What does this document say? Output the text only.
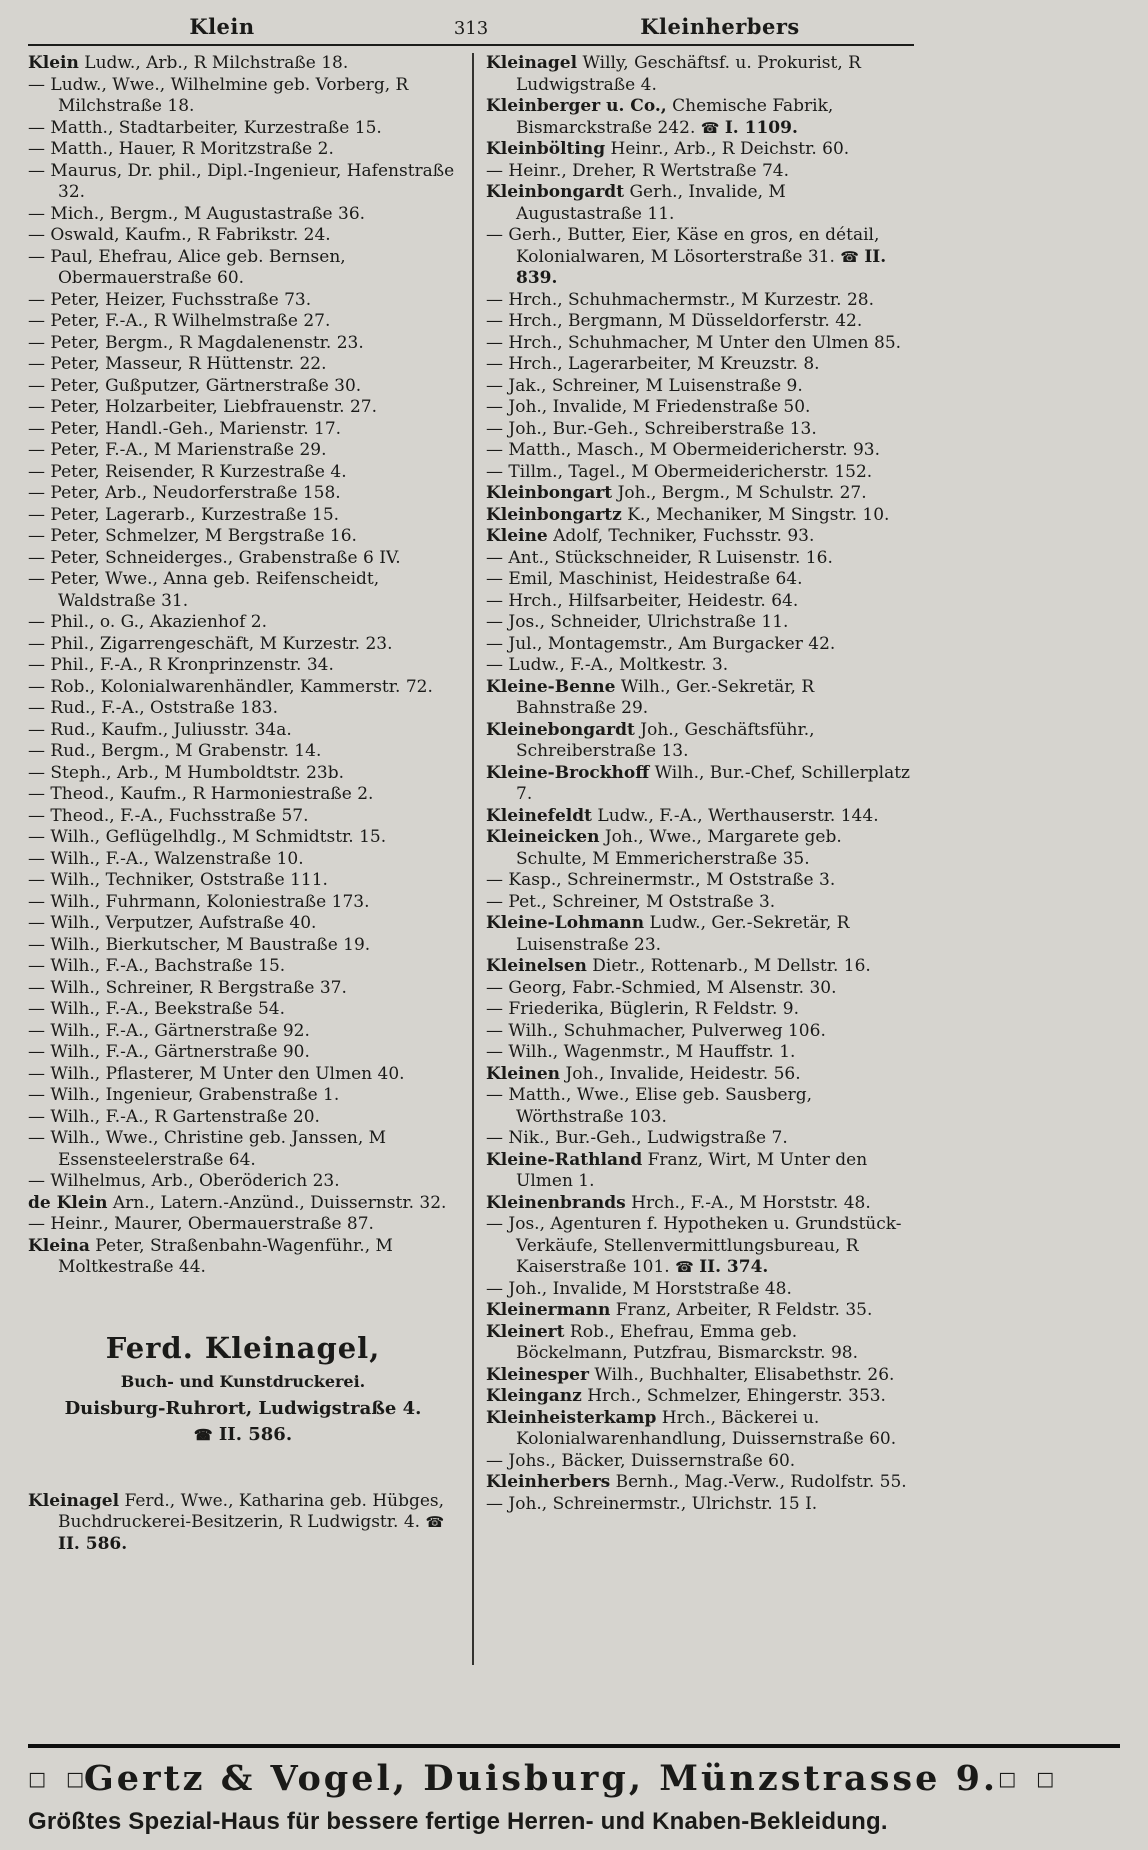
Klein	313	Kleinherbers
Klein Ludw., Arb., R Milchstraße 18.
— Ludw., Wwe., Wilhelmine geb. Vorberg, R Milchstraße 18.
— Matth., Stadtarbeiter, Kurzestraße 15.
— Matth., Hauer, R Moritzstraße 2.
— Maurus, Dr. phil., Dipl.-Ingenieur, Hafenstraße 32.
— Mich., Bergm., M Augustastraße 36.
— Oswald, Kaufm., R Fabrikstr. 24.
— Paul, Ehefrau, Alice geb. Bernsen, Obermauerstraße 60.
— Peter, Heizer, Fuchsstraße 73.
— Peter, F.-A., R Wilhelmstraße 27.
— Peter, Bergm., R Magdalenenstr. 23.
— Peter, Masseur, R Hüttenstr. 22.
— Peter, Gußputzer, Gärtnerstraße 30.
— Peter, Holzarbeiter, Liebfrauenstr. 27.
— Peter, Handl.-Geh., Marienstr. 17.
— Peter, F.-A., M Marienstraße 29.
— Peter, Reisender, R Kurzestraße 4.
— Peter, Arb., Neudorferstraße 158.
— Peter, Lagerarb., Kurzestraße 15.
— Peter, Schmelzer, M Bergstraße 16.
— Peter, Schneiderges., Grabenstraße 6 IV.
— Peter, Wwe., Anna geb. Reifenscheidt, Waldstraße 31.
— Phil., o. G., Akazienhof 2.
— Phil., Zigarrengeschäft, M Kurzestr. 23.
— Phil., F.-A., R Kronprinzenstr. 34.
— Rob., Kolonialwarenhändler, Kammerstr. 72.
— Rud., F.-A., Oststraße 183.
— Rud., Kaufm., Juliusstr. 34a.
— Rud., Bergm., M Grabenstr. 14.
— Steph., Arb., M Humboldtstr. 23b.
— Theod., Kaufm., R Harmoniestraße 2.
— Theod., F.-A., Fuchsstraße 57.
— Wilh., Geflügelhdlg., M Schmidtstr. 15.
— Wilh., F.-A., Walzenstraße 10.
— Wilh., Techniker, Oststraße 111.
— Wilh., Fuhrmann, Koloniestraße 173.
— Wilh., Verputzer, Aufstraße 40.
— Wilh., Bierkutscher, M Baustraße 19.
— Wilh., F.-A., Bachstraße 15.
— Wilh., Schreiner, R Bergstraße 37.
— Wilh., F.-A., Beekstraße 54.
— Wilh., F.-A., Gärtnerstraße 92.
— Wilh., F.-A., Gärtnerstraße 90.
— Wilh., Pflasterer, M Unter den Ulmen 40.
— Wilh., Ingenieur, Grabenstraße 1.
— Wilh., F.-A., R Gartenstraße 20.
— Wilh., Wwe., Christine geb. Janssen, M Essensteelerstraße 64.
— Wilhelmus, Arb., Oberöderich 23.
de Klein Arn., Latern.-Anzünd., Duissernstr. 32.
— Heinr., Maurer, Obermauerstraße 87.
Kleina Peter, Straßenbahn-Wagenführ., M Moltkestraße 44.
Ferd. Kleinagel,
Buch- und Kunstdruckerei.
Duisburg-Ruhrort, Ludwigstraße 4.
☎ II. 586.
Kleinagel Ferd., Wwe., Katharina geb. Hübges, Buchdruckerei-Besitzerin, R Ludwigstr. 4. ☎ II. 586.
Kleinagel Willy, Geschäftsf. u. Prokurist, R Ludwigstraße 4.
Kleinberger u. Co., Chemische Fabrik, Bismarckstraße 242. ☎ I. 1109.
Kleinbölting Heinr., Arb., R Deichstr. 60.
— Heinr., Dreher, R Wertstraße 74.
Kleinbongardt Gerh., Invalide, M Augustastraße 11.
— Gerh., Butter, Eier, Käse en gros, en détail, Kolonialwaren, M Lösorterstraße 31. ☎ II. 839.
— Hrch., Schuhmachermstr., M Kurzestr. 28.
— Hrch., Bergmann, M Düsseldorferstr. 42.
— Hrch., Schuhmacher, M Unter den Ulmen 85.
— Hrch., Lagerarbeiter, M Kreuzstr. 8.
— Jak., Schreiner, M Luisenstraße 9.
— Joh., Invalide, M Friedenstraße 50.
— Joh., Bur.-Geh., Schreiberstraße 13.
— Matth., Masch., M Obermeidericherstr. 93.
— Tillm., Tagel., M Obermeidericherstr. 152.
Kleinbongart Joh., Bergm., M Schulstr. 27.
Kleinbongartz K., Mechaniker, M Singstr. 10.
Kleine Adolf, Techniker, Fuchsstr. 93.
— Ant., Stückschneider, R Luisenstr. 16.
— Emil, Maschinist, Heidestraße 64.
— Hrch., Hilfsarbeiter, Heidestr. 64.
— Jos., Schneider, Ulrichstraße 11.
— Jul., Montagemstr., Am Burgacker 42.
— Ludw., F.-A., Moltkestr. 3.
Kleine-Benne Wilh., Ger.-Sekretär, R Bahnstraße 29.
Kleinebongardt Joh., Geschäftsführ., Schreiberstraße 13.
Kleine-Brockhoff Wilh., Bur.-Chef, Schillerplatz 7.
Kleinefeldt Ludw., F.-A., Werthauserstr. 144.
Kleineicken Joh., Wwe., Margarete geb. Schulte, M Emmericherstraße 35.
— Kasp., Schreinermstr., M Oststraße 3.
— Pet., Schreiner, M Oststraße 3.
Kleine-Lohmann Ludw., Ger.-Sekretär, R Luisenstraße 23.
Kleinelsen Dietr., Rottenarb., M Dellstr. 16.
— Georg, Fabr.-Schmied, M Alsenstr. 30.
— Friederika, Büglerin, R Feldstr. 9.
— Wilh., Schuhmacher, Pulverweg 106.
— Wilh., Wagenmstr., M Hauffstr. 1.
Kleinen Joh., Invalide, Heidestr. 56.
— Matth., Wwe., Elise geb. Sausberg, Wörthstraße 103.
— Nik., Bur.-Geh., Ludwigstraße 7.
Kleine-Rathland Franz, Wirt, M Unter den Ulmen 1.
Kleinenbrands Hrch., F.-A., M Horststr. 48.
— Jos., Agenturen f. Hypotheken u. Grundstück-Verkäufe, Stellenvermittlungsbureau, R Kaiserstraße 101. ☎ II. 374.
— Joh., Invalide, M Horststraße 48.
Kleinermann Franz, Arbeiter, R Feldstr. 35.
Kleinert Rob., Ehefrau, Emma geb. Böckelmann, Putzfrau, Bismarckstr. 98.
Kleinesper Wilh., Buchhalter, Elisabethstr. 26.
Kleinganz Hrch., Schmelzer, Ehingerstr. 353.
Kleinheisterkamp Hrch., Bäckerei u. Kolonialwarenhandlung, Duissernstraße 60.
— Johs., Bäcker, Duissernstraße 60.
Kleinherbers Bernh., Mag.-Verw., Rudolfstr. 55.
— Joh., Schreinermstr., Ulrichstr. 15 I.
□ □ Gertz & Vogel, Duisburg, Münzstrasse 9. □ □
Größtes Spezial-Haus für bessere fertige Herren- und Knaben-Bekleidung.
